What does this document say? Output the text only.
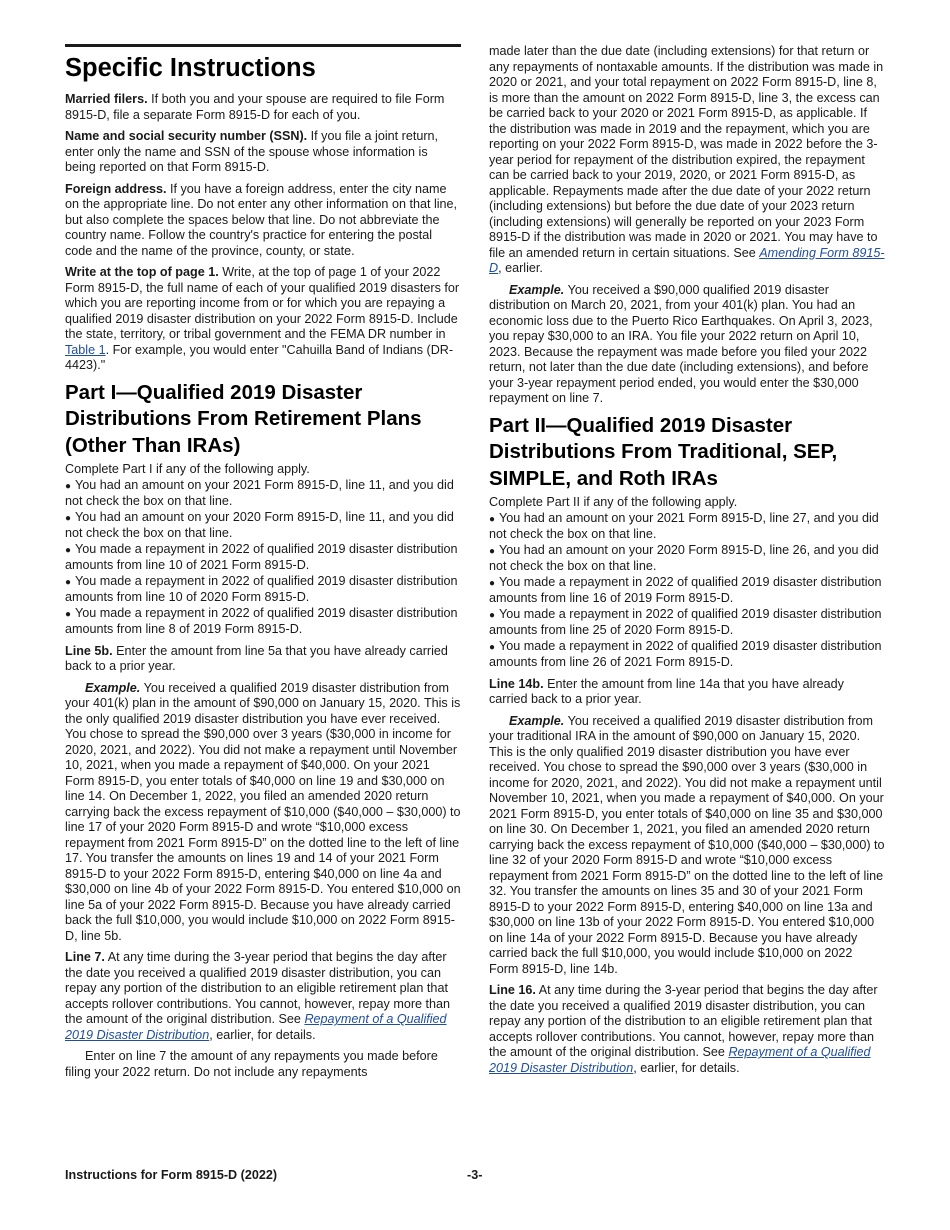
Specific Instructions

Married filers. If both you and your spouse are required to file Form 8915-D, file a separate Form 8915-D for each of you.

Name and social security number (SSN). If you file a joint return, enter only the name and SSN of the spouse whose information is being reported on that Form 8915-D.

Foreign address. If you have a foreign address, enter the city name on the appropriate line. Do not enter any other information on that line, but also complete the spaces below that line. Do not abbreviate the country name. Follow the country's practice for entering the postal code and the name of the province, county, or state.

Write at the top of page 1. Write, at the top of page 1 of your 2022 Form 8915-D, the full name of each of your qualified 2019 disasters for which you are reporting income from or for which you are repaying a qualified 2019 disaster distribution on your 2022 Form 8915-D. Include the state, territory, or tribal government and the FEMA DR number in Table 1. For example, you would enter "Cahuilla Band of Indians (DR-4423)."

Part I—Qualified 2019 Disaster Distributions From Retirement Plans (Other Than IRAs)

Complete Part I if any of the following apply.

● You had an amount on your 2021 Form 8915-D, line 11, and you did not check the box on that line.
● You had an amount on your 2020 Form 8915-D, line 11, and you did not check the box on that line.
● You made a repayment in 2022 of qualified 2019 disaster distribution amounts from line 10 of 2021 Form 8915-D.
● You made a repayment in 2022 of qualified 2019 disaster distribution amounts from line 10 of 2020 Form 8915-D.
● You made a repayment in 2022 of qualified 2019 disaster distribution amounts from line 8 of 2019 Form 8915-D.

Line 5b. Enter the amount from line 5a that you have already carried back to a prior year.

Example. You received a qualified 2019 disaster distribution from your 401(k) plan in the amount of $90,000 on January 15, 2020. This is the only qualified 2019 disaster distribution you have ever received. You chose to spread the $90,000 over 3 years ($30,000 in income for 2020, 2021, and 2022). You did not make a repayment until November 10, 2021, when you made a repayment of $40,000. On your 2021 Form 8915-D, you enter totals of $40,000 on line 19 and $30,000 on line 14. On December 1, 2022, you filed an amended 2020 return carrying back the excess repayment of $10,000 ($40,000 – $30,000) to line 17 of your 2020 Form 8915-D and wrote “$10,000 excess repayment from 2021 Form 8915-D” on the dotted line to the left of line 17. You transfer the amounts on lines 19 and 14 of your 2021 Form 8915-D to your 2022 Form 8915-D, entering $40,000 on line 4a and $30,000 on line 4b of your 2022 Form 8915-D. You entered $10,000 on line 5a of your 2022 Form 8915-D. Because you have already carried back the full $10,000, you would include $10,000 on 2022 Form 8915-D, line 5b.

Line 7. At any time during the 3-year period that begins the day after the date you received a qualified 2019 disaster distribution, you can repay any portion of the distribution to an eligible retirement plan that accepts rollover contributions. You cannot, however, repay more than the amount of the original distribution. See Repayment of a Qualified 2019 Disaster Distribution, earlier, for details.

Enter on line 7 the amount of any repayments you made before filing your 2022 return. Do not include any repayments

made later than the due date (including extensions) for that return or any repayments of nontaxable amounts. If the distribution was made in 2020 or 2021, and your total repayment on 2022 Form 8915-D, line 8, is more than the amount on 2022 Form 8915-D, line 3, the excess can be carried back to your 2020 or 2021 Form 8915-D, as applicable. If the distribution was made in 2019 and the repayment, which you are reporting on your 2022 Form 8915-D, was made in 2022 before the 3-year period for repayment of the distribution expired, the repayment can be carried back to your 2019, 2020, or 2021 Form 8915-D, as applicable. Repayments made after the due date of your 2022 return (including extensions) but before the due date of your 2023 return (including extensions) will generally be reported on your 2023 Form 8915-D if the distribution was made in 2020 or 2021. You may have to file an amended return in certain situations. See Amending Form 8915-D, earlier.

Example. You received a $90,000 qualified 2019 disaster distribution on March 20, 2021, from your 401(k) plan. You had an economic loss due to the Puerto Rico Earthquakes. On April 3, 2023, you repay $30,000 to an IRA. You file your 2022 return on April 10, 2023. Because the repayment was made before you filed your 2022 return, not later than the due date (including extensions), and before your 3-year repayment period ended, you would enter the $30,000 repayment on line 7.

Part II—Qualified 2019 Disaster Distributions From Traditional, SEP, SIMPLE, and Roth IRAs

Complete Part II if any of the following apply.

● You had an amount on your 2021 Form 8915-D, line 27, and you did not check the box on that line.
● You had an amount on your 2020 Form 8915-D, line 26, and you did not check the box on that line.
● You made a repayment in 2022 of qualified 2019 disaster distribution amounts from line 16 of 2019 Form 8915-D.
● You made a repayment in 2022 of qualified 2019 disaster distribution amounts from line 25 of 2020 Form 8915-D.
● You made a repayment in 2022 of qualified 2019 disaster distribution amounts from line 26 of 2021 Form 8915-D.

Line 14b. Enter the amount from line 14a that you have already carried back to a prior year.

Example. You received a qualified 2019 disaster distribution from your traditional IRA in the amount of $90,000 on January 15, 2020. This is the only qualified 2019 disaster distribution you have ever received. You chose to spread the $90,000 over 3 years ($30,000 in income for 2020, 2021, and 2022). You did not make a repayment until November 10, 2021, when you made a repayment of $40,000. On your 2021 Form 8915-D, you enter totals of $40,000 on line 35 and $30,000 on line 30. On December 1, 2021, you filed an amended 2020 return carrying back the excess repayment of $10,000 ($40,000 – $30,000) to line 32 of your 2020 Form 8915-D and wrote “$10,000 excess repayment from 2021 Form 8915-D” on the dotted line to the left of line 32. You transfer the amounts on lines 35 and 30 of your 2021 Form 8915-D to your 2022 Form 8915-D, entering $40,000 on line 13a and $30,000 on line 13b of your 2022 Form 8915-D. You entered $10,000 on line 14a of your 2022 Form 8915-D. Because you have already carried back the full $10,000, you would include $10,000 on 2022 Form 8915-D, line 14b.

Line 16. At any time during the 3-year period that begins the day after the date you received a qualified 2019 disaster distribution, you can repay any portion of the distribution to an eligible retirement plan that accepts rollover contributions. You cannot, however, repay more than the amount of the original distribution. See Repayment of a Qualified 2019 Disaster Distribution, earlier, for details.

Instructions for Form 8915-D (2022)	-3-
